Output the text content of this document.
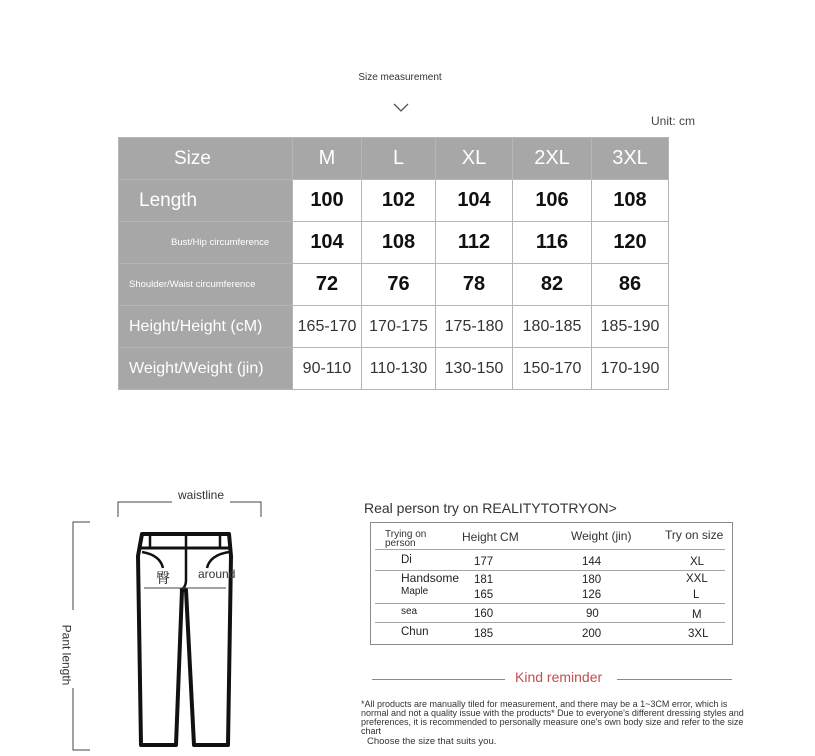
Size measurement
Unit: cm
Size	M	L	XL	2XL	3XL
Length	100	102	104	106	108
Bust/Hip circumference	104	108	112	116	120
Shoulder/Waist circumference	72	76	78	82	86
Height/Height (cM)	165-170	170-175	175-180	180-185	185-190
Weight/Weight (jin)	90-110	110-130	130-150	150-170	170-190
waistline
Pant length
臀 around
Real person try on REALITYTOTRYON>
Trying on
person	Height CM	Weight (jin)	Try on size
Di	177	144	XL
Handsome 181	180	XXL
Maple	165	126	L
sea	160	90	M
Chun	185	200	3XL
Kind reminder
*All products are manually tiled for measurement, and there may be a 1~3CM error, which is normal and not a quality issue with the products* Due to everyone's different dressing styles and preferences, it is recommended to personally measure one's own body size and refer to the size chart
Choose the size that suits you.
